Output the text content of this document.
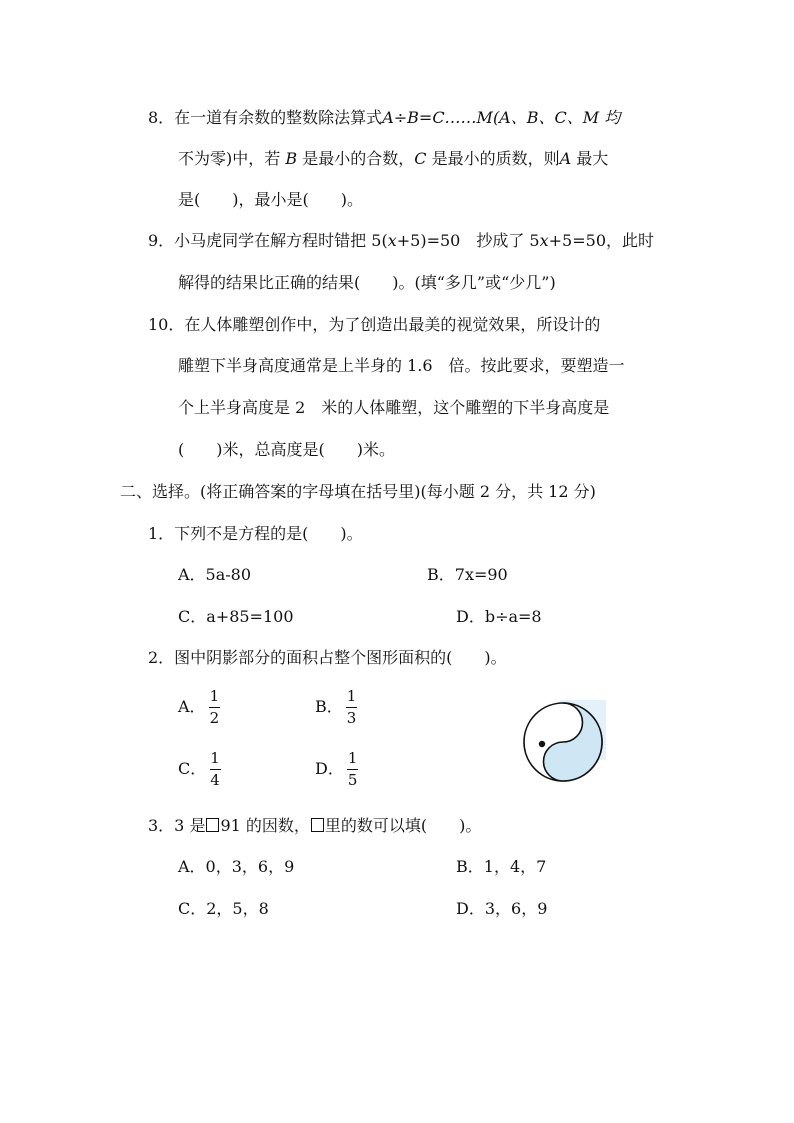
8．在一道有余数的整数除法算式A÷B=C……M(A、B、C、M 均
不为零)中，若 B 是最小的合数，C 是最小的质数，则A 最大
是(　　)，最小是(　　)。
9．小马虎同学在解方程时错把 5(x+5)=50　抄成了 5x+5=50，此时
解得的结果比正确的结果(　　)。(填“多几”或“少几”)
10．在人体雕塑创作中，为了创造出最美的视觉效果，所设计的
雕塑下半身高度通常是上半身的 1.6　倍。按此要求，要塑造一
个上半身高度是 2　米的人体雕塑，这个雕塑的下半身高度是
(　　)米，总高度是(　　)米。
二、选择。(将正确答案的字母填在括号里)(每小题 2 分，共 12 分)
1．下列不是方程的是(　　)。
A．5a-80	B．7x=90
C．a+85=100	D．b÷a=8
2．图中阴影部分的面积占整个图形面积的(　　)。
A． $\frac{1}{2}$	B． $\frac{1}{3}$
C． $\frac{1}{4}$	D． $\frac{1}{5}$
3．3 是 91 的因数， 里的数可以填(　　)。
A．0，3，6，9	B．1，4，7
C．2，5，8	D．3，6，9
